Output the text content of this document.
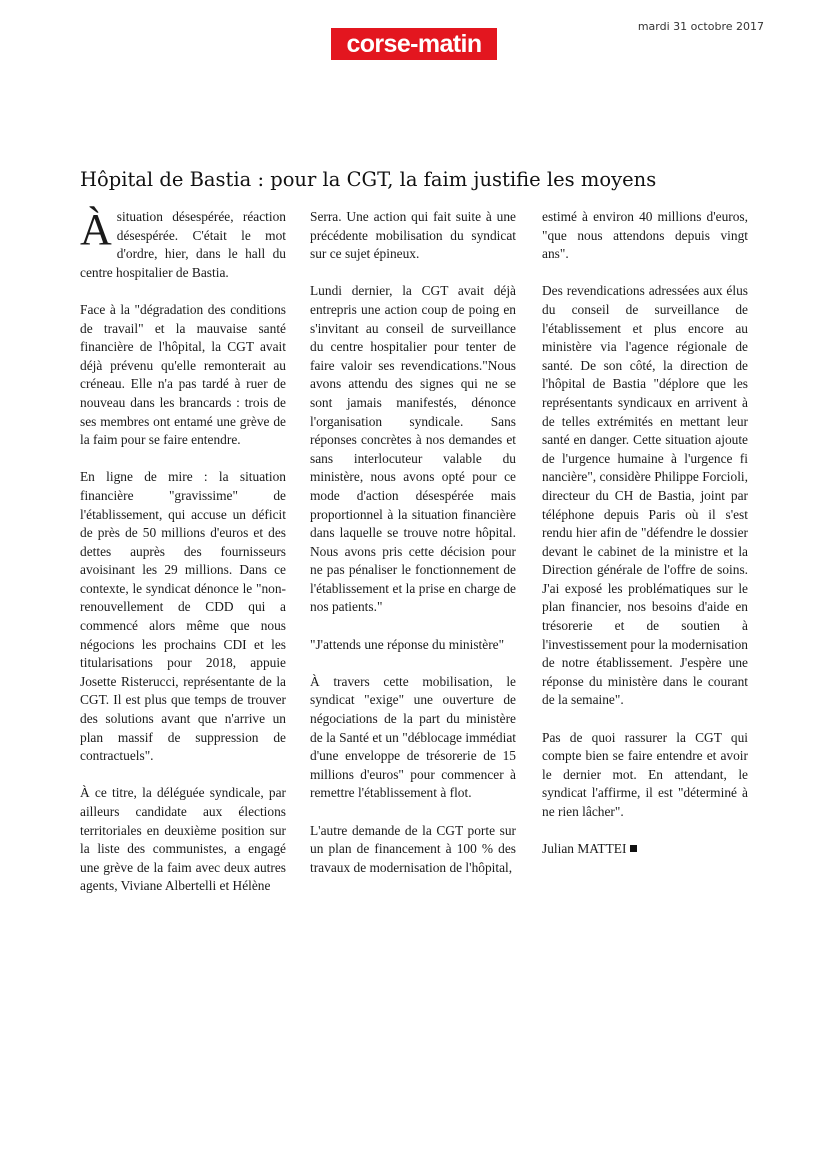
mardi 31 octobre 2017
corse-matin
Hôpital de Bastia : pour la CGT, la faim justifie les moyens

Àsituation désespérée, réaction désespérée. C'était le mot d'ordre, hier, dans le hall du centre hospitalier de Bastia.

Face à la "dégradation des conditions de travail" et la mauvaise santé financière de l'hôpital, la CGT avait déjà prévenu qu'elle remonterait au créneau. Elle n'a pas tardé à ruer de nouveau dans les brancards : trois de ses membres ont entamé une grève de la faim pour se faire entendre.

En ligne de mire : la situation financière "gravissime" de l'établissement, qui accuse un déficit de près de 50 millions d'euros et des dettes auprès des fournisseurs avoisinant les 29 millions. Dans ce contexte, le syndicat dénonce le "non-renouvellement de CDD qui a commencé alors même que nous négocions les prochains CDI et les titularisations pour 2018, appuie Josette Risterucci, représentante de la CGT. Il est plus que temps de trouver des solutions avant que n'arrive un plan massif de suppression de contractuels".

À ce titre, la déléguée syndicale, par ailleurs candidate aux élections territoriales en deuxième position sur la liste des communistes, a engagé une grève de la faim avec deux autres agents, Viviane Albertelli et Hélène

Serra. Une action qui fait suite à une précédente mobilisation du syndicat sur ce sujet épineux.

Lundi dernier, la CGT avait déjà entrepris une action coup de poing en s'invitant au conseil de surveillance du centre hospitalier pour tenter de faire valoir ses revendications."Nous avons attendu des signes qui ne se sont jamais manifestés, dénonce l'organisation syndicale. Sans réponses concrètes à nos demandes et sans interlocuteur valable du ministère, nous avons opté pour ce mode d'action désespérée mais proportionnel à la situation financière dans laquelle se trouve notre hôpital. Nous avons pris cette décision pour ne pas pénaliser le fonctionnement de l'établissement et la prise en charge de nos patients."

"J'attends une réponse du ministère"

À travers cette mobilisation, le syndicat "exige" une ouverture de négociations de la part du ministère de la Santé et un "déblocage immédiat d'une enveloppe de trésorerie de 15 millions d'euros" pour commencer à remettre l'établissement à flot.

L'autre demande de la CGT porte sur un plan de financement à 100 % des travaux de modernisation de l'hôpital,

estimé à environ 40 millions d'euros, "que nous attendons depuis vingt ans".

Des revendications adressées aux élus du conseil de surveillance de l'établissement et plus encore au ministère via l'agence régionale de santé. De son côté, la direction de l'hôpital de Bastia "déplore que les représentants syndicaux en arrivent à de telles extrémités en mettant leur santé en danger. Cette situation ajoute de l'urgence humaine à l'urgence fi nancière", considère Philippe Forcioli, directeur du CH de Bastia, joint par téléphone depuis Paris où il s'est rendu hier afin de "défendre le dossier devant le cabinet de la ministre et la Direction générale de l'offre de soins. J'ai exposé les problématiques sur le plan financier, nos besoins d'aide en trésorerie et de soutien à l'investissement pour la modernisation de notre établissement. J'espère une réponse du ministère dans le courant de la semaine".

Pas de quoi rassurer la CGT qui compte bien se faire entendre et avoir le dernier mot. En attendant, le syndicat l'affirme, il est "déterminé à ne rien lâcher".

Julian MATTEI
